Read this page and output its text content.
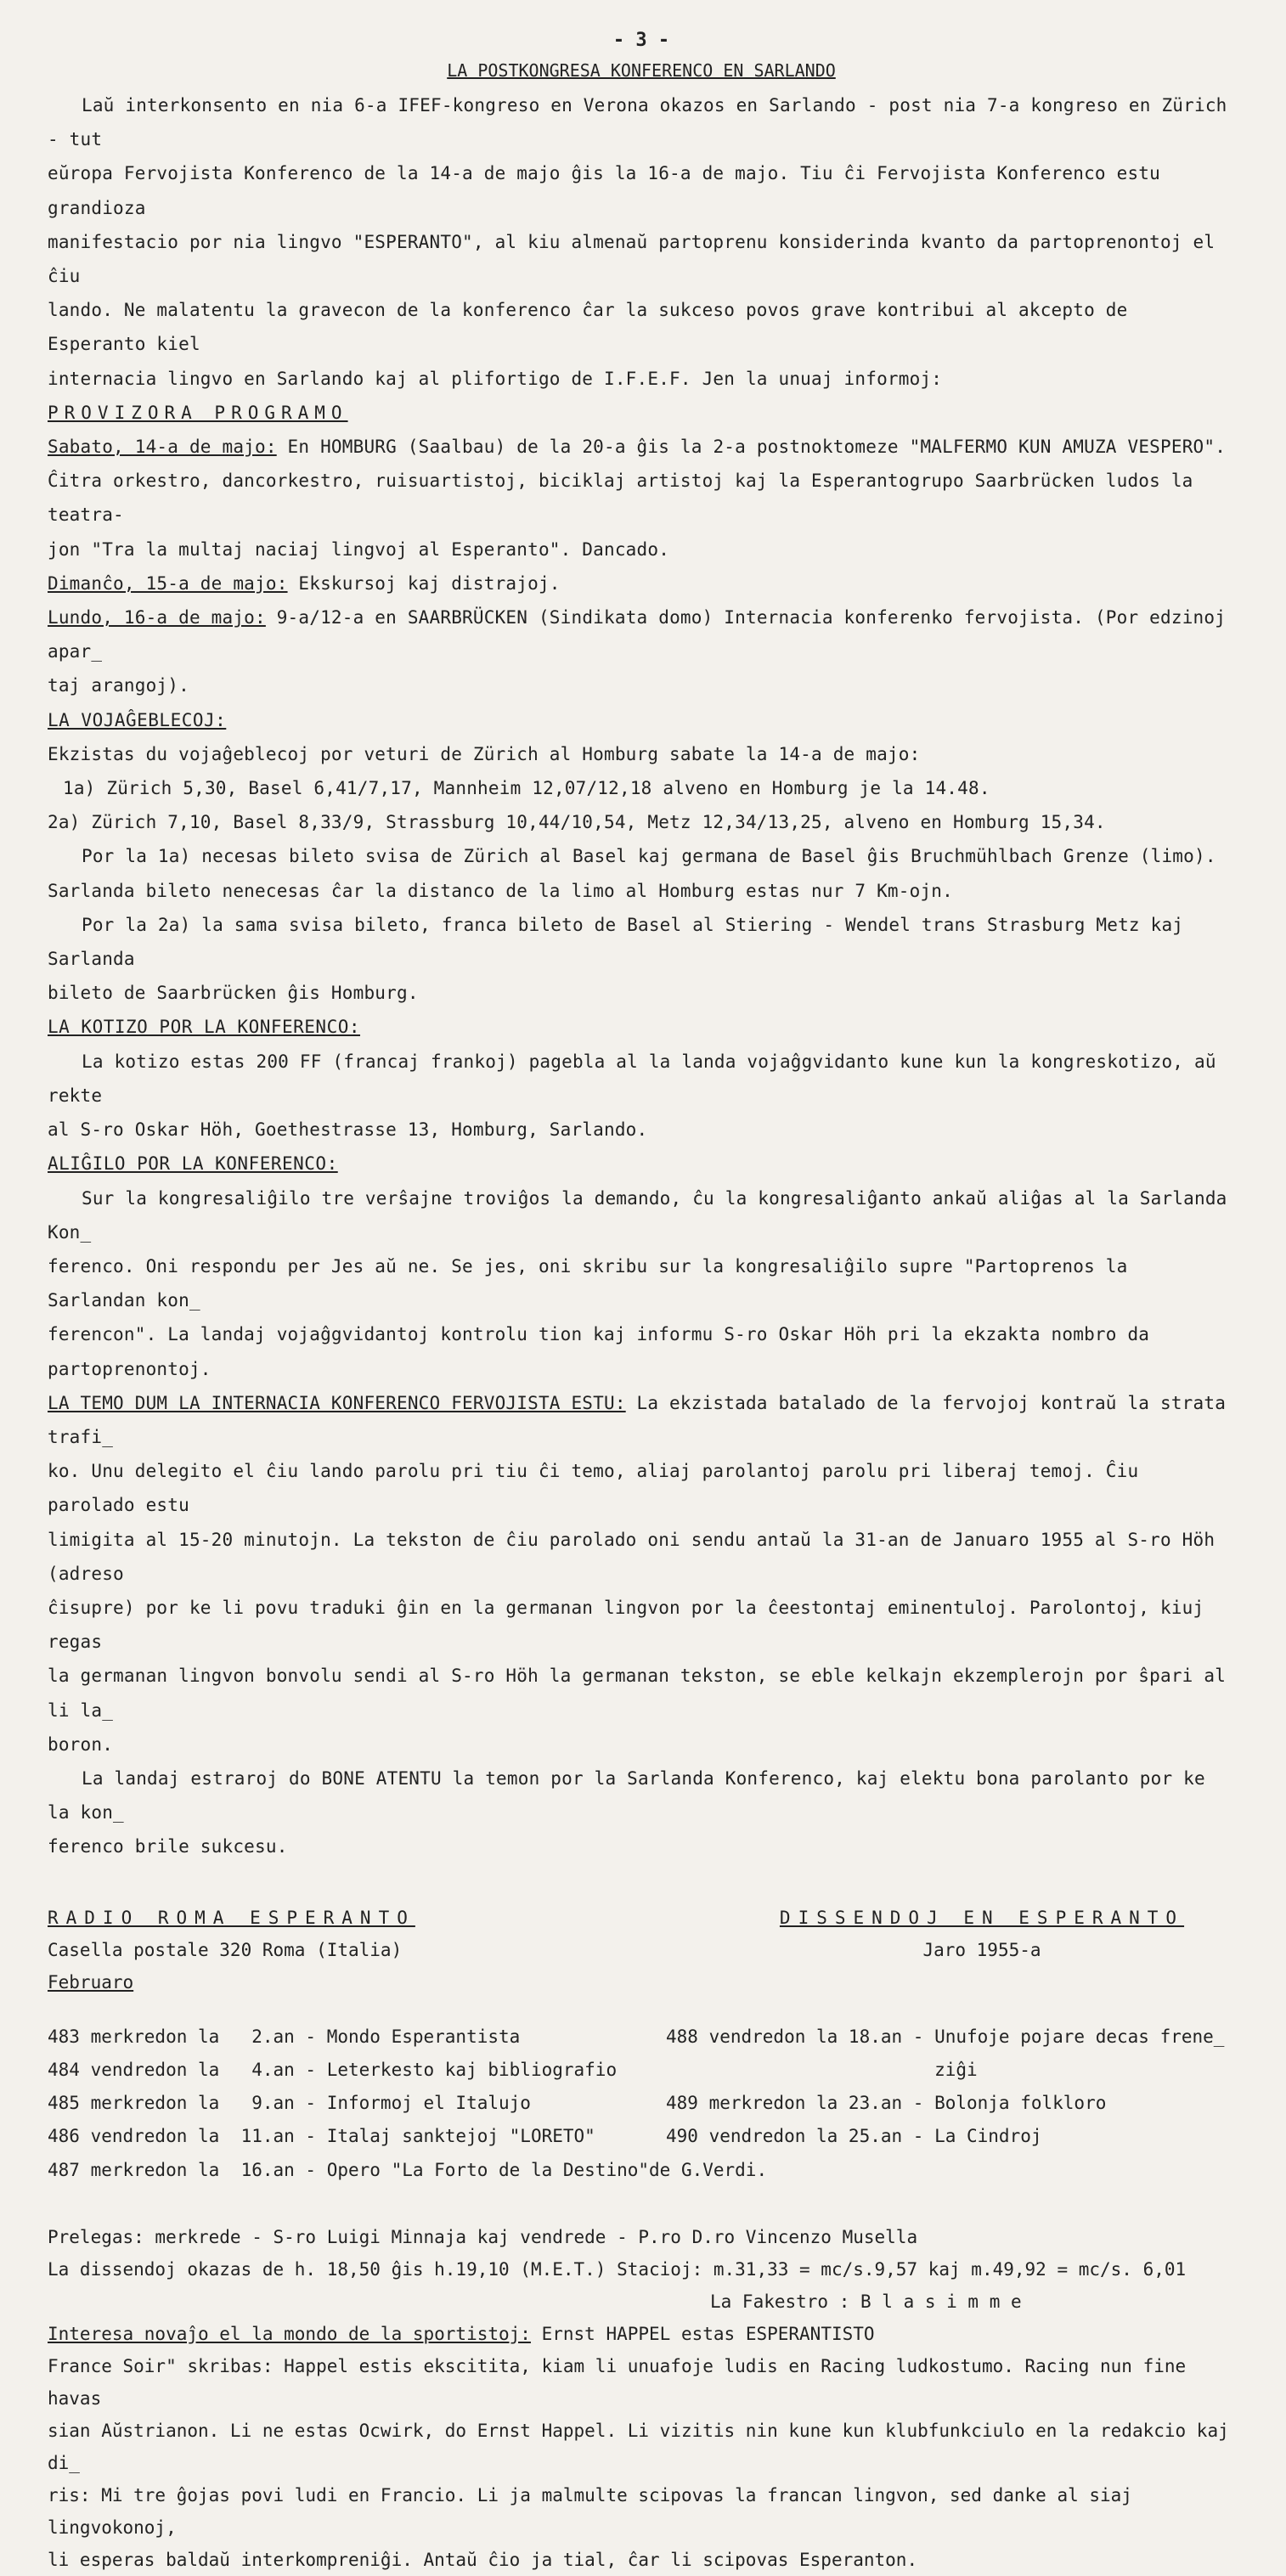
- 3 -
LA POSTKONGRESA KONFERENCO EN SARLANDO

Laŭ interkonsento en nia 6-a IFEF-kongreso en Verona okazos en Sarlando - post nia 7-a kongreso en Zürich - tut

eŭropa Fervojista Konferenco de la 14-a de majo ĝis la 16-a de majo. Tiu ĉi Fervojista Konferenco estu grandioza

manifestacio por nia lingvo "ESPERANTO", al kiu almenaŭ partoprenu konsiderinda kvanto da partoprenontoj el ĉiu

lando. Ne malatentu la gravecon de la konferenco ĉar la sukceso povos grave kontribui al akcepto de Esperanto kiel

internacia lingvo en Sarlando kaj al plifortigo de I.F.E.F. Jen la unuaj informoj:

PROVIZORA PROGRAMO

Sabato, 14-a de majo: En HOMBURG (Saalbau) de la 20-a ĝis la 2-a postnoktomeze "MALFERMO KUN AMUZA VESPERO".

Ĉitra orkestro, dancorkestro, ruisuartistoj, biciklaj artistoj kaj la Esperantogrupo Saarbrücken ludos la teatra-

jon "Tra la multaj naciaj lingvoj al Esperanto". Dancado.

Dimanĉo, 15-a de majo: Ekskursoj kaj distrajoj.

Lundo, 16-a de majo: 9-a/12-a en SAARBRÜCKEN (Sindikata domo) Internacia konferenko fervojista. (Por edzinoj apar_

taj arangoj).

LA VOJAĜEBLECOJ:

Ekzistas du vojaĝeblecoj por veturi de Zürich al Homburg sabate la 14-a de majo:

1a) Zürich 5,30, Basel 6,41/7,17, Mannheim 12,07/12,18 alveno en Homburg je la 14.48.

2a) Zürich 7,10, Basel 8,33/9, Strassburg 10,44/10,54, Metz 12,34/13,25, alveno en Homburg 15,34.

Por la 1a) necesas bileto svisa de Zürich al Basel kaj germana de Basel ĝis Bruchmühlbach Grenze (limo).

Sarlanda bileto nenecesas ĉar la distanco de la limo al Homburg estas nur 7 Km-ojn.

Por la 2a) la sama svisa bileto, franca bileto de Basel al Stiering - Wendel trans Strasburg Metz kaj Sarlanda

bileto de Saarbrücken ĝis Homburg.

LA KOTIZO POR LA KONFERENCO:

La kotizo estas 200 FF (francaj frankoj) pagebla al la landa vojaĝgvidanto kune kun la kongreskotizo, aŭ rekte

al S-ro Oskar Höh, Goethestrasse 13, Homburg, Sarlando.

ALIĜILO POR LA KONFERENCO:

Sur la kongresaliĝilo tre verŝajne troviĝos la demando, ĉu la kongresaliĝanto ankaŭ aliĝas al la Sarlanda Kon_

ferenco. Oni respondu per Jes aŭ ne. Se jes, oni skribu sur la kongresaliĝilo supre "Partoprenos la Sarlandan kon_

ferencon". La landaj vojaĝgvidantoj kontrolu tion kaj informu S-ro Oskar Höh pri la ekzakta nombro da partoprenontoj.

LA TEMO DUM LA INTERNACIA KONFERENCO FERVOJISTA ESTU: La ekzistada batalado de la fervojoj kontraŭ la strata trafi_

ko. Unu delegito el ĉiu lando parolu pri tiu ĉi temo, aliaj parolantoj parolu pri liberaj temoj. Ĉiu parolado estu

limigita al 15-20 minutojn. La tekston de ĉiu parolado oni sendu antaŭ la 31-an de Januaro 1955 al S-ro Höh (adreso

ĉisupre) por ke li povu traduki ĝin en la germanan lingvon por la ĉeestontaj eminentuloj. Parolontoj, kiuj regas

la germanan lingvon bonvolu sendi al S-ro Höh la germanan tekston, se eble kelkajn ekzemplerojn por ŝpari al li la_

boron.

La landaj estraroj do BONE ATENTU la temon por la Sarlanda Konferenco, kaj elektu bona parolanto por ke la kon_

ferenco brile sukcesu.

RADIO ROMA ESPERANTO

Casella postale 320 Roma (Italia)

Februaro

DISSENDOJ EN ESPERANTO

Jaro 1955-a

483 merkredon la   2.an - Mondo Esperantista
484 vendredon la   4.an - Leterkesto kaj bibliografio
485 merkredon la   9.an - Informoj el Italujo
486 vendredon la  11.an - Italaj sanktejoj "LORETO"
487 merkredon la  16.an - Opero "La Forto de la Destino"de G.Verdi.
488 vendredon la 18.an - Unufoje pojare decas frene_
ziĝi
489 merkredon la 23.an - Bolonja folkloro
490 vendredon la 25.an - La Cindroj

Prelegas: merkrede - S-ro Luigi Minnaja kaj vendrede - P.ro D.ro Vincenzo Musella

La dissendoj okazas de h. 18,50 ĝis h.19,10 (M.E.T.) Stacioj: m.31,33 = mc/s.9,57 kaj m.49,92 = mc/s. 6,01

La Fakestro : B l a s i m m e

Interesa novaĵo el la mondo de la sportistoj: Ernst HAPPEL estas ESPERANTISTO

France Soir" skribas: Happel estis ekscitita, kiam li unuafoje ludis en Racing ludkostumo. Racing nun fine havas

sian Aŭstrianon. Li ne estas Ocwirk, do Ernst Happel. Li vizitis nin kune kun klubfunkciulo en la redakcio kaj di_

ris: Mi tre ĝojas povi ludi en Francio. Li ja malmulte scipovas la francan lingvon, sed danke al siaj lingvokonoj,

li esperas baldaŭ interkompreniĝi. Antaŭ ĉio ja tial, ĉar li scipovas Esperanton.
